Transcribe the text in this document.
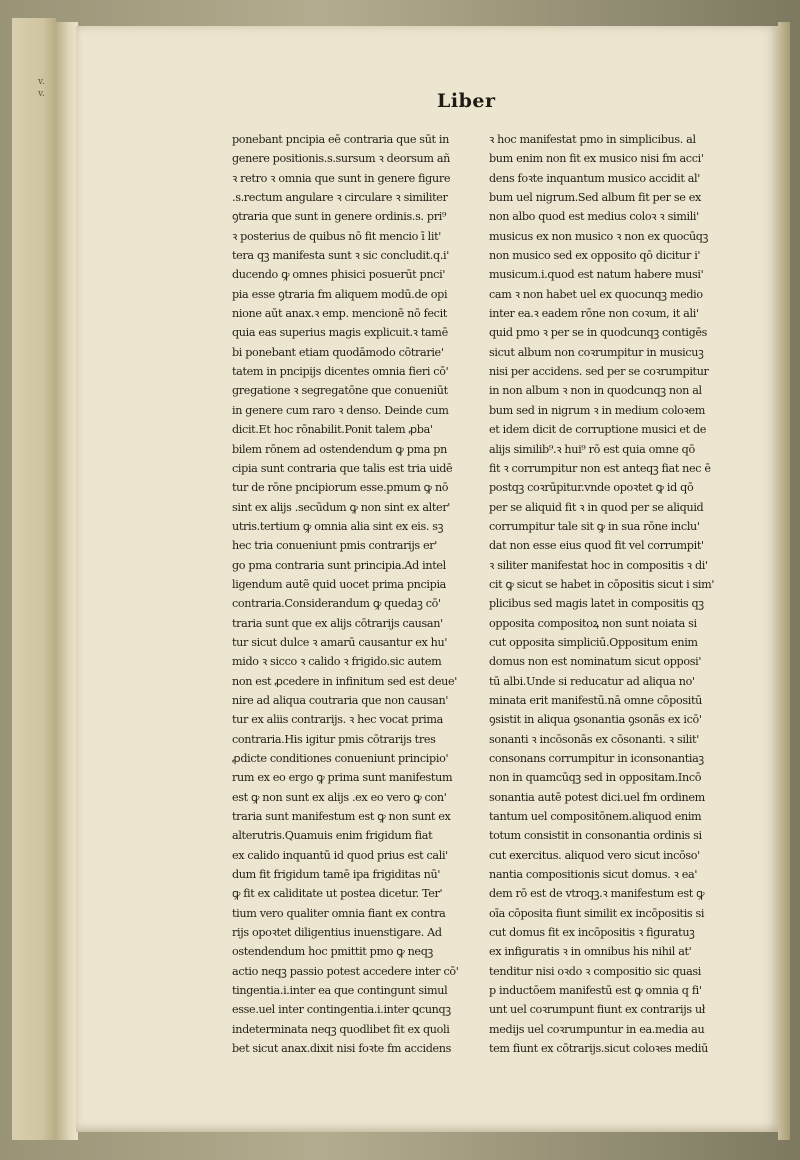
v.
v.	Liber
ponebant pncipia eē contraria que sūt in
genere positionis.s.sursum ꝛ deorsum añ
ꝛ retro ꝛ omnia que sunt in genere figure
.s.rectum angulare ꝛ circulare ꝛ similiter
ꝯtraria que sunt in genere ordinis.s. pri⁹
ꝛ posterius de quibus nō fit mencio ī lit'
tera qꝫ manifesta sunt ꝛ sic concludit.q.i'
ducendo ꝙ omnes phisici posuerūt pnci'
pia esse ꝯtraria fm aliquem modū.de opi
nione aūt anax.ꝛ emp. mencionē nō fecit
quia eas superius magis explicuit.ꝛ tamē
bi ponebant etiam quodāmodo cōtrarie'
tatem in pncipijs dicentes omnia fieri cō'
gregatione ꝛ segregatōne que conueniūt
in genere cum raro ꝛ denso. Deinde cum
dicit.Et hoc rōnabilit.Ponit talem ꝓba'
bilem rōnem ad ostendendum ꝙ pma pn
cipia sunt contraria que talis est tria uidē
tur de rōne pncipiorum esse.pmum ꝙ nō
sint ex alijs .secūdum ꝙ non sint ex alter'
utris.tertium ꝙ omnia alia sint ex eis. sꝫ
hec tria conueniunt pmis contrarijs er'
go pma contraria sunt principia.Ad intel
ligendum autẽ quid uocet prima pncipia
contraria.Considerandum ꝙ quedaꝫ cō'
traria sunt que ex alijs cōtrarijs causan'
tur sicut dulce ꝛ amarū causantur ex hu'
mido ꝛ sicco ꝛ calido ꝛ frigido.sic autem
non est ꝓcedere in infinitum sed est deue'
nire ad aliqua coutraria que non causan'
tur ex aliis contrarijs. ꝛ hec vocat prima
contraria.His igitur pmis cōtrarijs tres
ꝓdicte conditiones conueniunt principio'
rum ex eo ergo ꝙ prima sunt manifestum
est ꝙ non sunt ex alijs .ex eo vero ꝙ con'
traria sunt manifestum est ꝙ non sunt ex
alterutris.Quamuis enim frigidum fiat
ex calido inquantū id quod prius est cali'
dum fit frigidum tamē ipa frigiditas nū'
ꝙ fit ex caliditate ut postea dicetur. Ter'
tium vero qualiter omnia fiant ex contra
rijs opoꝛtet diligentius inuenstigare. Ad
ostendendum hoc pmittit pmo ꝙ neqꝫ
actio neqꝫ passio potest accedere inter cō'
tingentia.i.inter ea que contingunt simul
esse.uel inter contingentia.i.inter ꝗcunqꝫ
indeterminata neqꝫ quodlibet fit ex quoli
bet sicut anax.dixit nisi foꝛte fm accidens
ꝛ hoc manifestat pmo in simplicibus. al
bum enim non fit ex musico nisi fm acci'
dens foꝛte inquantum musico accidit al'
bum uel nigrum.Sed album fit per se ex
non albo quod est medius coloꝛ ꝛ simili'
musicus ex non musico ꝛ non ex quocūqꝫ
non musico sed ex opposito qō dicitur i'
musicum.i.quod est natum habere musi'
cam ꝛ non habet uel ex quocunqꝫ medio
inter ea.ꝛ eadem rōne non coꝛum, it ali'
quid pmo ꝛ per se in quodcunqꝫ contigēs
sicut album non coꝛrumpitur in musicuꝫ
nisi per accidens. sed per se coꝛrumpitur
in non album ꝛ non in quodcunqꝫ non al
bum sed in nigrum ꝛ in medium coloꝛem
et idem dicit de corruptione musici et de
alijs similib⁹.ꝛ hui⁹ rō est quia omne qō
fit ꝛ corrumpitur non est anteqꝫ fiat nec ē
postqꝫ coꝛrūpitur.vnde opoꝛtet ꝙ id qō
per se aliquid fit ꝛ in quod per se aliquid
corrumpitur tale sit ꝙ in sua rōne inclu'
dat non esse eius quod fit vel corrumpit'
ꝛ siliter manifestat hoc in compositis ꝛ di'
cit ꝙ sicut se habet in cōpositis sicut i sim'
plicibus sed magis latet in compositis qꝫ
opposita compositoꝝ non sunt noiata si
cut opposita simpliciū.Oppositum enim
domus non est nominatum sicut opposi'
tū albi.Unde si reducatur ad aliqua no'
minata erit manifestū.nā omne cōpositū
ꝯsistit in aliqua ꝯsonantia ꝯsonās ex icō'
sonanti ꝛ incōsonās ex cōsonanti. ꝛ silit'
consonans corrumpitur in iconsonantiaꝫ
non in quamcūqꝫ sed in oppositam.Incō
sonantia autē potest dici.uel fm ordinem
tantum uel compositōnem.aliquod enim
totum consistit in consonantia ordinis si
cut exercitus. aliquod vero sicut incōso'
nantia compositionis sicut domus. ꝛ ea'
dem rō est de vtroqꝫ.ꝛ manifestum est ꝙ
oīa cōposita fiunt similit ex incōpositis si
cut domus fit ex incōpositis ꝛ figuratuꝫ
ex infiguratis ꝛ in omnibus his nihil at'
tenditur nisi oꝛdo ꝛ compositio sic quasi
p inductōem manifestū est ꝙ omnia q fi'
unt uel coꝛrumpunt fiunt ex contrarijs uł
medijs uel coꝛrumpuntur in ea.media au
tem fiunt ex cōtrarijs.sicut coloꝛes mediū
